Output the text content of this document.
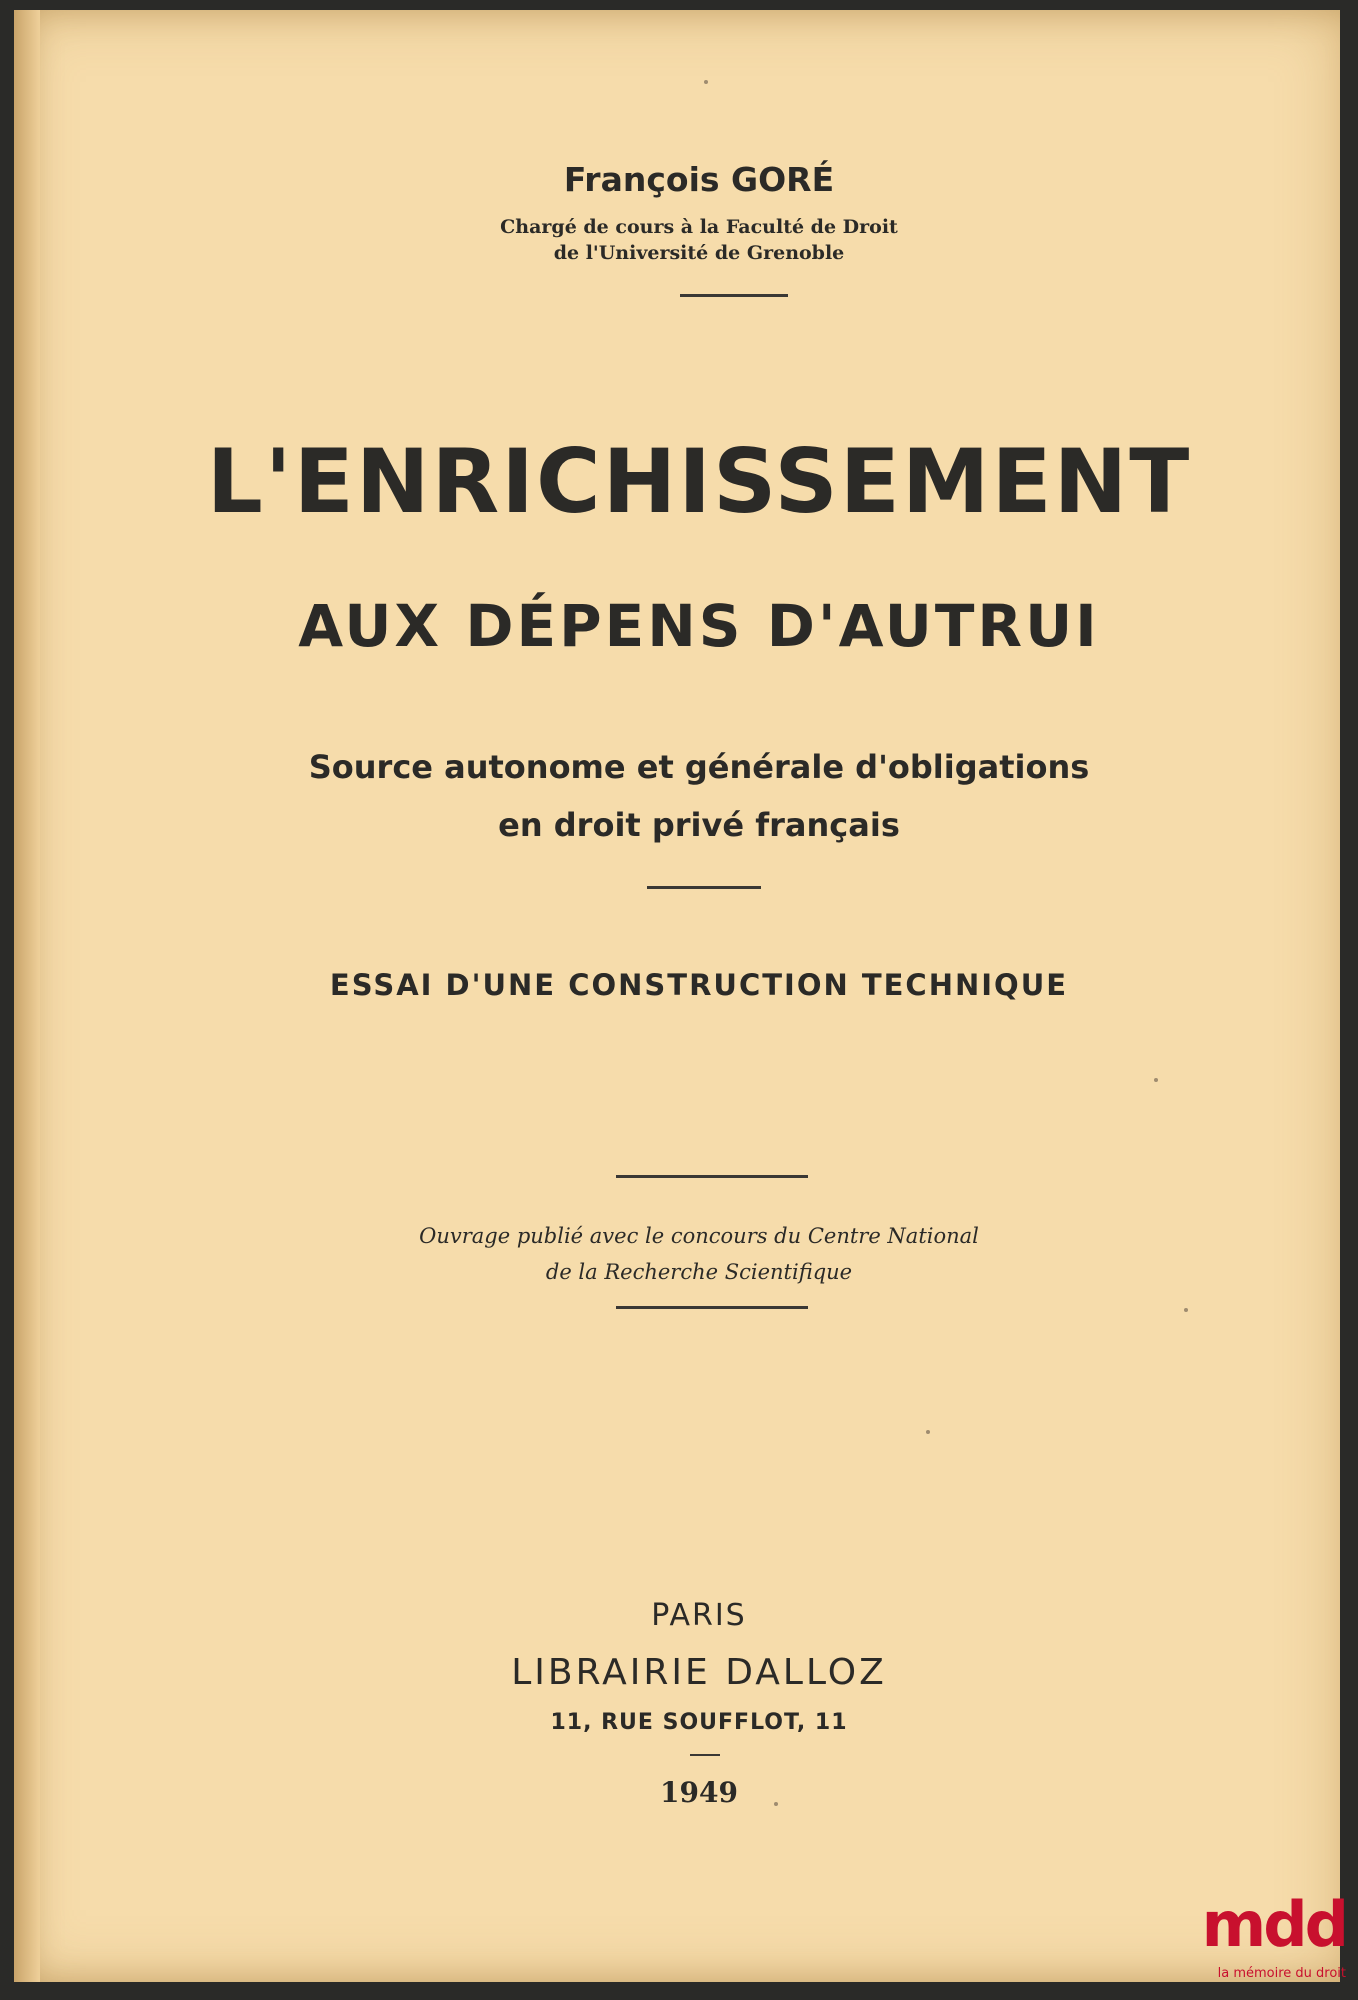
François GORÉ
Chargé de cours à la Faculté de Droit
de l'Université de Grenoble
L'ENRICHISSEMENT
AUX DÉPENS D'AUTRUI
Source autonome et générale d'obligations
en droit privé français
ESSAI D'UNE CONSTRUCTION TECHNIQUE
Ouvrage publié avec le concours du Centre National
de la Recherche Scientifique
PARIS
LIBRAIRIE DALLOZ
11, RUE SOUFFLOT, 11
1949
mdd
la mémoire du droit
